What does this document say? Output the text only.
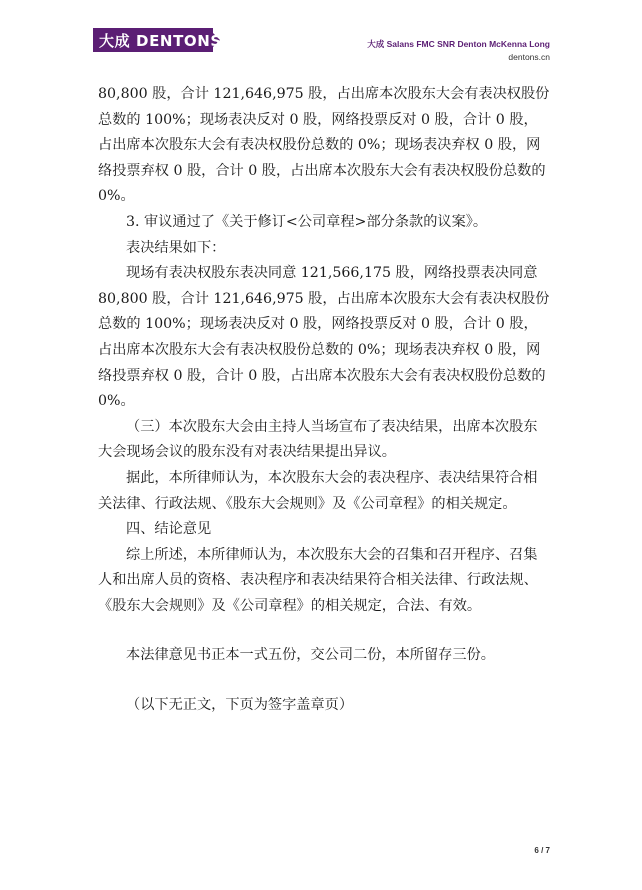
大成 DENTONS	大成 Salans FMC SNR Denton McKenna Long
dentons.cn

80,800 股，合计 121,646,975 股，占出席本次股东大会有表决权股份总数的 100%；现场表决反对 0 股，网络投票反对 0 股，合计 0 股，占出席本次股东大会有表决权股份总数的 0%；现场表决弃权 0 股，网络投票弃权 0 股，合计 0 股，占出席本次股东大会有表决权股份总数的 0%。

3. 审议通过了《关于修订<公司章程>部分条款的议案》。

表决结果如下：

现场有表决权股东表决同意 121,566,175 股，网络投票表决同意 80,800 股，合计 121,646,975 股，占出席本次股东大会有表决权股份总数的 100%；现场表决反对 0 股，网络投票反对 0 股，合计 0 股，占出席本次股东大会有表决权股份总数的 0%；现场表决弃权 0 股，网络投票弃权 0 股，合计 0 股，占出席本次股东大会有表决权股份总数的 0%。

（三）本次股东大会由主持人当场宣布了表决结果，出席本次股东大会现场会议的股东没有对表决结果提出异议。

据此，本所律师认为，本次股东大会的表决程序、表决结果符合相关法律、行政法规、《股东大会规则》及《公司章程》的相关规定。

四、结论意见

综上所述，本所律师认为，本次股东大会的召集和召开程序、召集人和出席人员的资格、表决程序和表决结果符合相关法律、行政法规、《股东大会规则》及《公司章程》的相关规定，合法、有效。

本法律意见书正本一式五份，交公司二份，本所留存三份。

（以下无正文，下页为签字盖章页）

6 / 7
